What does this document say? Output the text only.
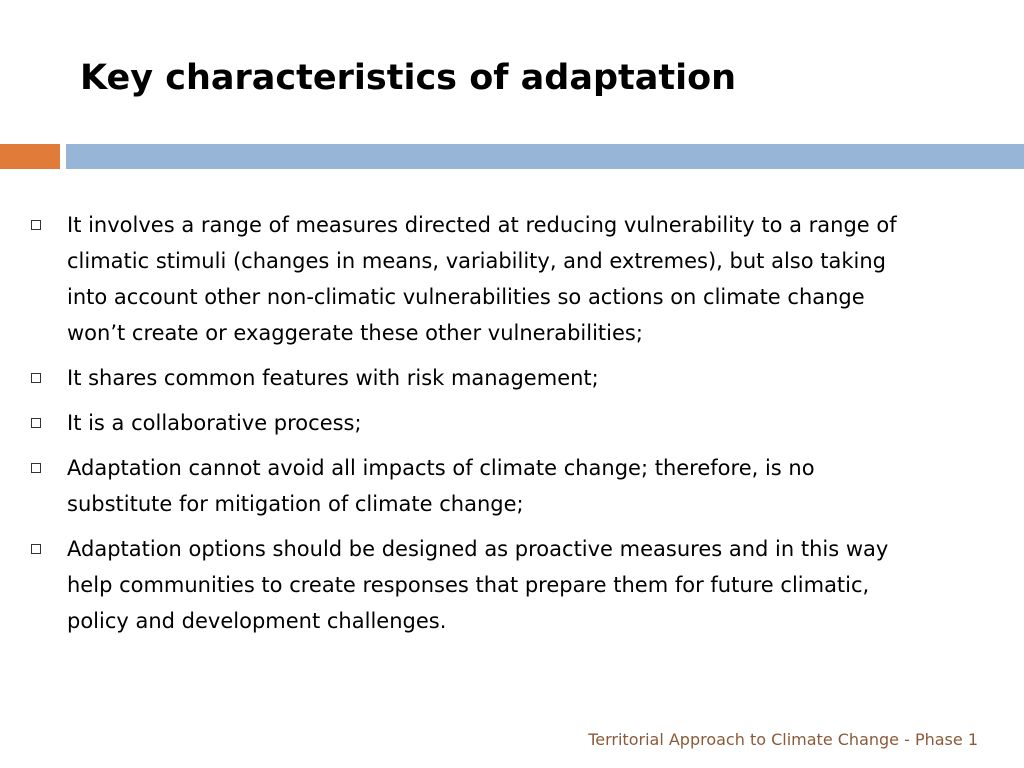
Key characteristics of adaptation
It involves a range of measures directed at reducing vulnerability to a range of climatic stimuli (changes in means, variability, and extremes), but also taking into account other non-climatic vulnerabilities so actions on climate change won’t create or exaggerate these other vulnerabilities;
It shares common features with risk management;
It is a collaborative process;
Adaptation cannot avoid all impacts of climate change; therefore, is no substitute for mitigation of climate change;
Adaptation options should be designed as proactive measures and in this way help communities to create responses that prepare them for future climatic, policy and development challenges.
Territorial Approach to Climate Change - Phase 1
